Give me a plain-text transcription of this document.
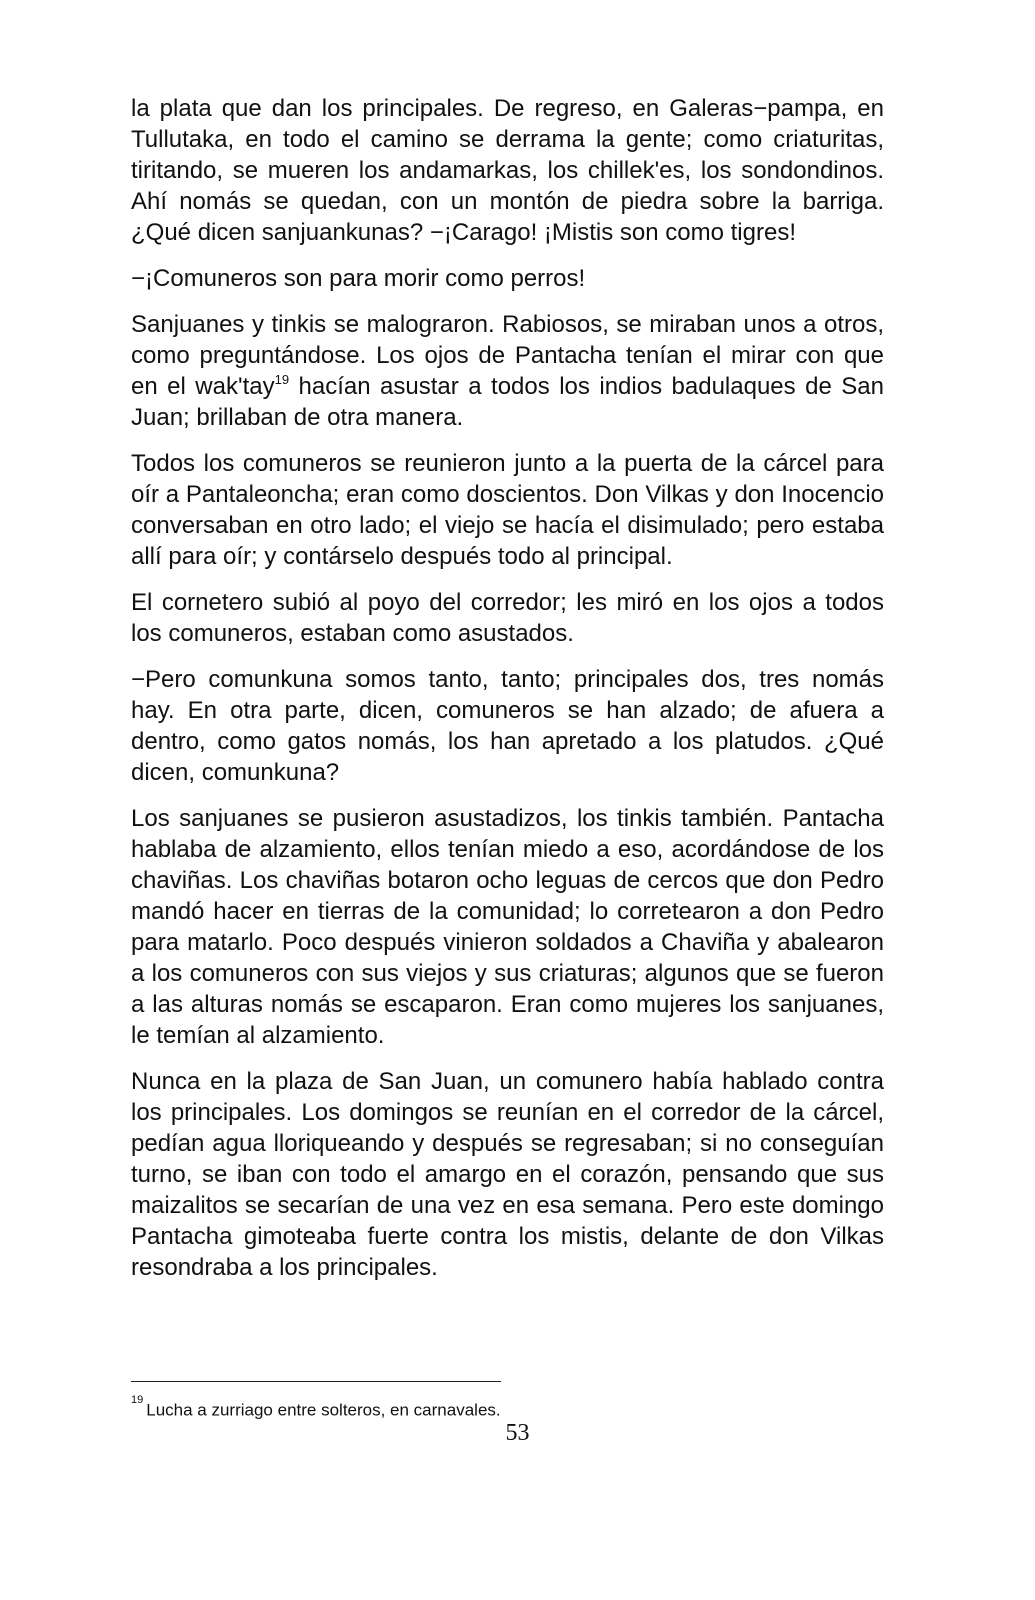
la plata que dan los principales. De regreso, en Galeras−pampa, en Tullutaka, en todo el camino se derrama la gente; como criaturitas, tiritando, se mueren los andamarkas, los chillek'es, los sondondinos. Ahí nomás se quedan, con un montón de piedra sobre la barriga. ¿Qué dicen sanjuankunas? −¡Carago! ¡Mistis son como tigres!

−¡Comuneros son para morir como perros!

Sanjuanes y tinkis se malograron. Rabiosos, se miraban unos a otros, como preguntándose. Los ojos de Pantacha tenían el mirar con que en el wak'tay$^{19}$ hacían asustar a todos los indios badulaques de San Juan; brillaban de otra manera.

Todos los comuneros se reunieron junto a la puerta de la cárcel para oír a Pantaleoncha; eran como doscientos. Don Vilkas y don Inocencio conversaban en otro lado; el viejo se hacía el disimulado; pero estaba allí para oír; y contárselo después todo al principal.

El cornetero subió al poyo del corredor; les miró en los ojos a todos los comuneros, estaban como asustados.

−Pero comunkuna somos tanto, tanto; principales dos, tres nomás hay. En otra parte, dicen, comuneros se han alzado; de afuera a dentro, como gatos nomás, los han apretado a los platudos. ¿Qué dicen, comunkuna?

Los sanjuanes se pusieron asustadizos, los tinkis también. Pantacha hablaba de alzamiento, ellos tenían miedo a eso, acordándose de los chaviñas. Los chaviñas botaron ocho leguas de cercos que don Pedro mandó hacer en tierras de la comunidad; lo corretearon a don Pedro para matarlo. Poco después vinieron soldados a Chaviña y abalearon a los comuneros con sus viejos y sus criaturas; algunos que se fueron a las alturas nomás se escaparon. Eran como mujeres los sanjuanes, le temían al alzamiento.

Nunca en la plaza de San Juan, un comunero había hablado contra los principales. Los domingos se reunían en el corredor de la cárcel, pedían agua lloriqueando y después se regresaban; si no conseguían turno, se iban con todo el amargo en el corazón, pensando que sus maizalitos se secarían de una vez en esa semana. Pero este domingo Pantacha gimoteaba fuerte contra los mistis, delante de don Vilkas resondraba a los principales.

$^{19}$Lucha a zurriago entre solteros, en carnavales.
53
